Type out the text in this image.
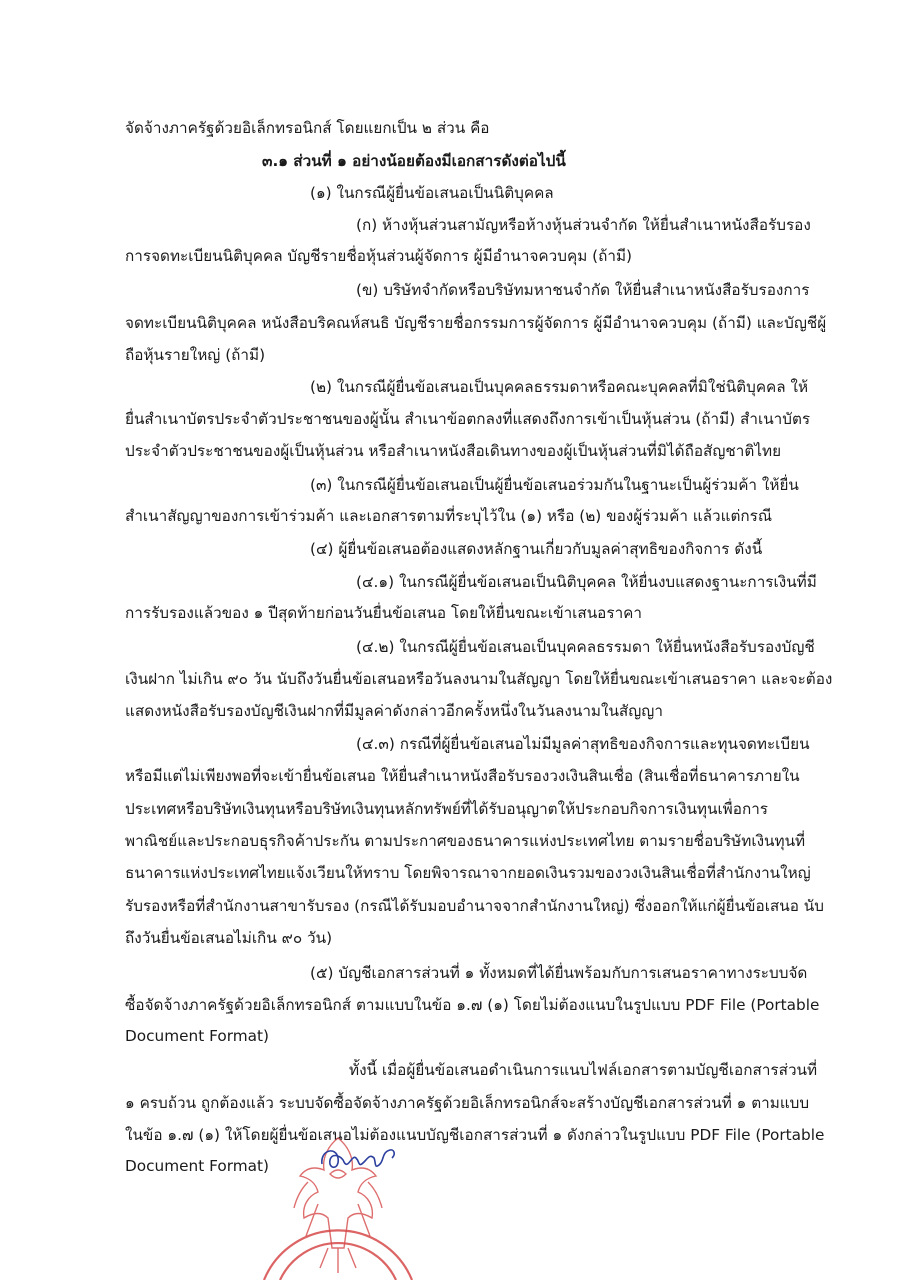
จัดจ้างภาครัฐด้วยอิเล็กทรอนิกส์ โดยแยกเป็น ๒ ส่วน คือ
๓.๑ ส่วนที่ ๑ อย่างน้อยต้องมีเอกสารดังต่อไปนี้
(๑) ในกรณีผู้ยื่นข้อเสนอเป็นนิติบุคคล
(ก) ห้างหุ้นส่วนสามัญหรือห้างหุ้นส่วนจำกัด ให้ยื่นสำเนาหนังสือรับรอง
การจดทะเบียนนิติบุคคล บัญชีรายชื่อหุ้นส่วนผู้จัดการ ผู้มีอำนาจควบคุม (ถ้ามี)
(ข) บริษัทจำกัดหรือบริษัทมหาชนจำกัด ให้ยื่นสำเนาหนังสือรับรองการ
จดทะเบียนนิติบุคคล หนังสือบริคณห์สนธิ บัญชีรายชื่อกรรมการผู้จัดการ ผู้มีอำนาจควบคุม (ถ้ามี) และบัญชีผู้
ถือหุ้นรายใหญ่ (ถ้ามี)
(๒) ในกรณีผู้ยื่นข้อเสนอเป็นบุคคลธรรมดาหรือคณะบุคคลที่มิใช่นิติบุคคล ให้
ยื่นสำเนาบัตรประจำตัวประชาชนของผู้นั้น สำเนาข้อตกลงที่แสดงถึงการเข้าเป็นหุ้นส่วน (ถ้ามี) สำเนาบัตร
ประจำตัวประชาชนของผู้เป็นหุ้นส่วน หรือสำเนาหนังสือเดินทางของผู้เป็นหุ้นส่วนที่มิได้ถือสัญชาติไทย
(๓) ในกรณีผู้ยื่นข้อเสนอเป็นผู้ยื่นข้อเสนอร่วมกันในฐานะเป็นผู้ร่วมค้า ให้ยื่น
สำเนาสัญญาของการเข้าร่วมค้า และเอกสารตามที่ระบุไว้ใน (๑) หรือ (๒) ของผู้ร่วมค้า แล้วแต่กรณี
(๔) ผู้ยื่นข้อเสนอต้องแสดงหลักฐานเกี่ยวกับมูลค่าสุทธิของกิจการ ดังนี้
(๔.๑) ในกรณีผู้ยื่นข้อเสนอเป็นนิติบุคคล ให้ยื่นงบแสดงฐานะการเงินที่มี
การรับรองแล้วของ ๑ ปีสุดท้ายก่อนวันยื่นข้อเสนอ โดยให้ยื่นขณะเข้าเสนอราคา
(๔.๒) ในกรณีผู้ยื่นข้อเสนอเป็นบุคคลธรรมดา ให้ยื่นหนังสือรับรองบัญชี
เงินฝาก ไม่เกิน ๙๐ วัน นับถึงวันยื่นข้อเสนอหรือวันลงนามในสัญญา โดยให้ยื่นขณะเข้าเสนอราคา และจะต้อง
แสดงหนังสือรับรองบัญชีเงินฝากที่มีมูลค่าดังกล่าวอีกครั้งหนึ่งในวันลงนามในสัญญา
(๔.๓) กรณีที่ผู้ยื่นข้อเสนอไม่มีมูลค่าสุทธิของกิจการและทุนจดทะเบียน
หรือมีแต่ไม่เพียงพอที่จะเข้ายื่นข้อเสนอ ให้ยื่นสำเนาหนังสือรับรองวงเงินสินเชื่อ (สินเชื่อที่ธนาคารภายใน
ประเทศหรือบริษัทเงินทุนหรือบริษัทเงินทุนหลักทรัพย์ที่ได้รับอนุญาตให้ประกอบกิจการเงินทุนเพื่อการ
พาณิชย์และประกอบธุรกิจค้าประกัน ตามประกาศของธนาคารแห่งประเทศไทย ตามรายชื่อบริษัทเงินทุนที่
ธนาคารแห่งประเทศไทยแจ้งเวียนให้ทราบ โดยพิจารณาจากยอดเงินรวมของวงเงินสินเชื่อที่สำนักงานใหญ่
รับรองหรือที่สำนักงานสาขารับรอง (กรณีได้รับมอบอำนาจจากสำนักงานใหญ่) ซึ่งออกให้แก่ผู้ยื่นข้อเสนอ นับ
ถึงวันยื่นข้อเสนอไม่เกิน ๙๐ วัน)
(๕) บัญชีเอกสารส่วนที่ ๑ ทั้งหมดที่ได้ยื่นพร้อมกับการเสนอราคาทางระบบจัด
ซื้อจัดจ้างภาครัฐด้วยอิเล็กทรอนิกส์ ตามแบบในข้อ ๑.๗ (๑) โดยไม่ต้องแนบในรูปแบบ PDF File (Portable
Document Format)
ทั้งนี้ เมื่อผู้ยื่นข้อเสนอดำเนินการแนบไฟล์เอกสารตามบัญชีเอกสารส่วนที่
๑ ครบถ้วน ถูกต้องแล้ว ระบบจัดซื้อจัดจ้างภาครัฐด้วยอิเล็กทรอนิกส์จะสร้างบัญชีเอกสารส่วนที่ ๑ ตามแบบ
ในข้อ ๑.๗ (๑) ให้โดยผู้ยื่นข้อเสนอไม่ต้องแนบบัญชีเอกสารส่วนที่ ๑ ดังกล่าวในรูปแบบ PDF File (Portable
Document Format)
